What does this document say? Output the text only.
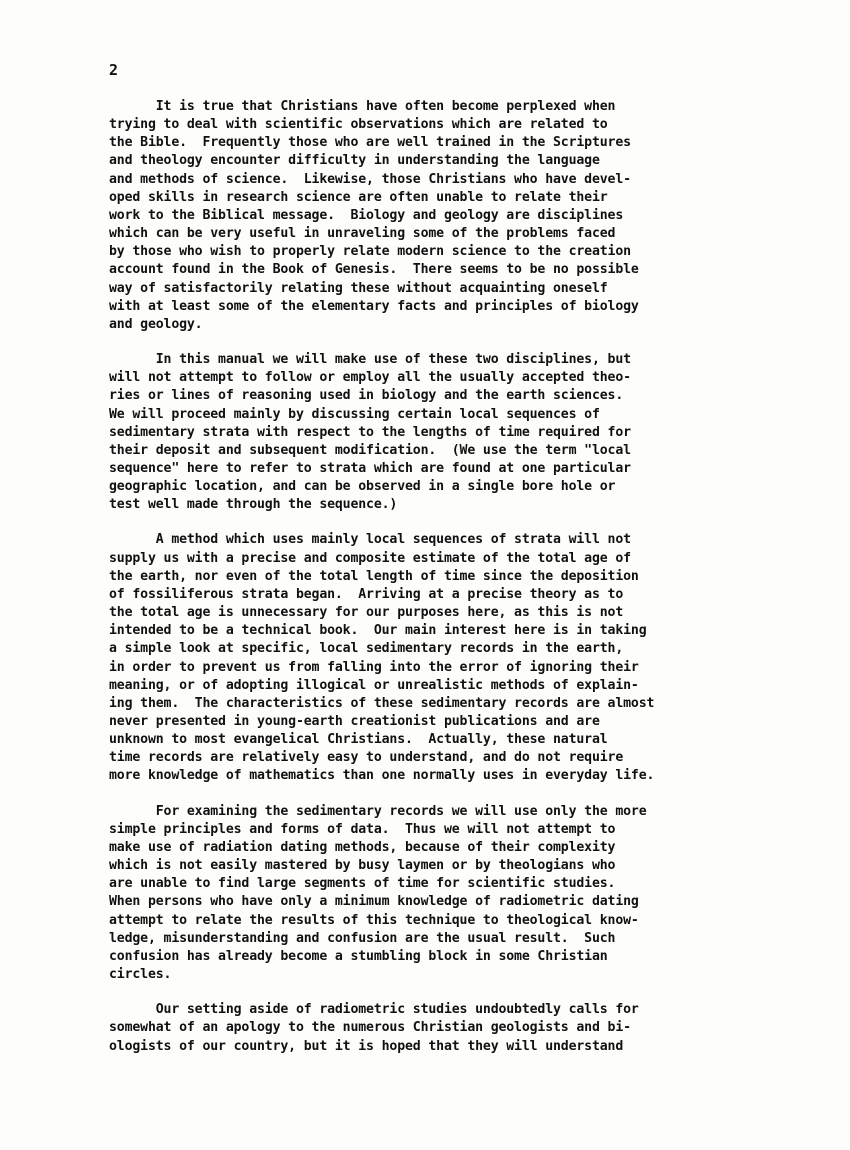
2
It is true that Christians have often become perplexed when
trying to deal with scientific observations which are related to
the Bible.  Frequently those who are well trained in the Scriptures
and theology encounter difficulty in understanding the language
and methods of science.  Likewise, those Christians who have devel-
oped skills in research science are often unable to relate their
work to the Biblical message.  Biology and geology are disciplines
which can be very useful in unraveling some of the problems faced
by those who wish to properly relate modern science to the creation
account found in the Book of Genesis.  There seems to be no possible
way of satisfactorily relating these without acquainting oneself
with at least some of the elementary facts and principles of biology
and geology.
In this manual we will make use of these two disciplines, but
will not attempt to follow or employ all the usually accepted theo-
ries or lines of reasoning used in biology and the earth sciences.
We will proceed mainly by discussing certain local sequences of
sedimentary strata with respect to the lengths of time required for
their deposit and subsequent modification.  (We use the term "local
sequence" here to refer to strata which are found at one particular
geographic location, and can be observed in a single bore hole or
test well made through the sequence.)
A method which uses mainly local sequences of strata will not
supply us with a precise and composite estimate of the total age of
the earth, nor even of the total length of time since the deposition
of fossiliferous strata began.  Arriving at a precise theory as to
the total age is unnecessary for our purposes here, as this is not
intended to be a technical book.  Our main interest here is in taking
a simple look at specific, local sedimentary records in the earth,
in order to prevent us from falling into the error of ignoring their
meaning, or of adopting illogical or unrealistic methods of explain-
ing them.  The characteristics of these sedimentary records are almost
never presented in young-earth creationist publications and are
unknown to most evangelical Christians.  Actually, these natural
time records are relatively easy to understand, and do not require
more knowledge of mathematics than one normally uses in everyday life.
For examining the sedimentary records we will use only the more
simple principles and forms of data.  Thus we will not attempt to
make use of radiation dating methods, because of their complexity
which is not easily mastered by busy laymen or by theologians who
are unable to find large segments of time for scientific studies.
When persons who have only a minimum knowledge of radiometric dating
attempt to relate the results of this technique to theological know-
ledge, misunderstanding and confusion are the usual result.  Such
confusion has already become a stumbling block in some Christian
circles.
Our setting aside of radiometric studies undoubtedly calls for
somewhat of an apology to the numerous Christian geologists and bi-
ologists of our country, but it is hoped that they will understand
